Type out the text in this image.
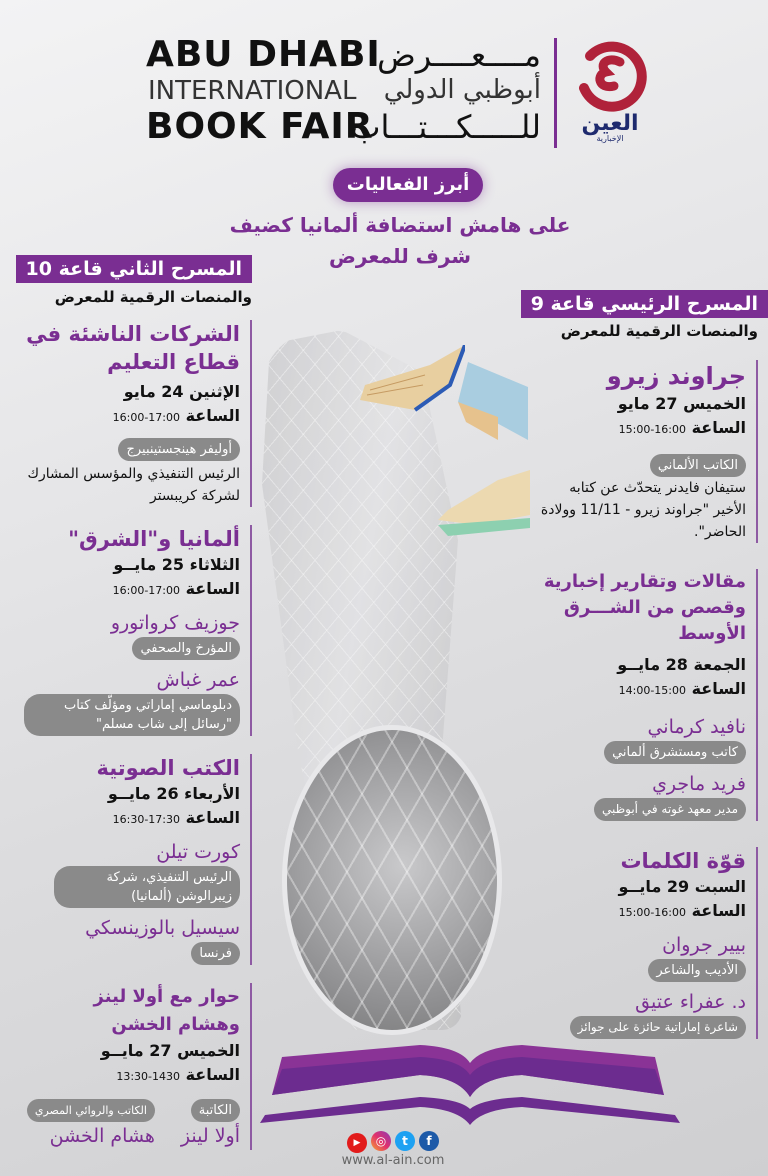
ABU DHABI
INTERNATIONAL
BOOK FAIR
مــــعــــرض
أبوظبي الدولي
للـــــكـــتـــاب	العين
الإخبارية
أبرز الفعاليات
على هامش استضافة ألمانيا كضيف
شرف للمعرض
المسرح الثاني قاعة 10
والمنصات الرقمية للمعرض
الشركات الناشئة في قطاع التعليم
الإثنين 24 مايو
الساعة 16:00-17:00
أوليفر هينجستينبيرج
الرئيس التنفيذي والمؤسس المشارك لشركة كريبستر
ألمانيا و"الشرق"
الثلاثاء 25 مايــو
الساعة 16:00-17:00
جوزيف كرواتورو
المؤرخ والصحفي
عمر غباش
دبلوماسي إماراتي ومؤلّف كتاب "رسائل إلى شاب مسلم"
الكتب الصوتية
الأربعاء 26 مايــو
الساعة 16:30-17:30
كورت تيلن
الرئيس التنفيذي، شركة زيبرالوشن (ألمانيا)
سيسيل بالوزينسكي
فرنسا
حوار مع أولا لينز وهشام الخشن
الخميس 27 مايــو
الساعة 13:30-1430
الكاتبة
أولا لينز
الكاتب والروائي المصري
هشام الخشن
المسرح الرئيسي قاعة 9
والمنصات الرقمية للمعرض
جراوند زيرو
الخميس 27 مايو
الساعة 15:00-16:00
الكاتب الألماني
ستيفان فايدنر يتحدّث عن كتابه الأخير "جراوند زيرو - 11/11 وولادة الحاضر".
مقالات وتقارير إخبارية وقصص من الشـــرق الأوسط
الجمعة 28 مايــو
الساعة 14:00-15:00
نافيد كرماني
كاتب ومستشرق ألماني
فريد ماجري
مدير معهد غوته في أبوظبي
قوّة الكلمات
السبت 29 مايــو
الساعة 15:00-16:00
بيير جروان
الأديب والشاعر
د. عفراء عتيق
شاعرة إماراتية حائزة على جوائز
▶ ◎ t f
www.al-ain.com
